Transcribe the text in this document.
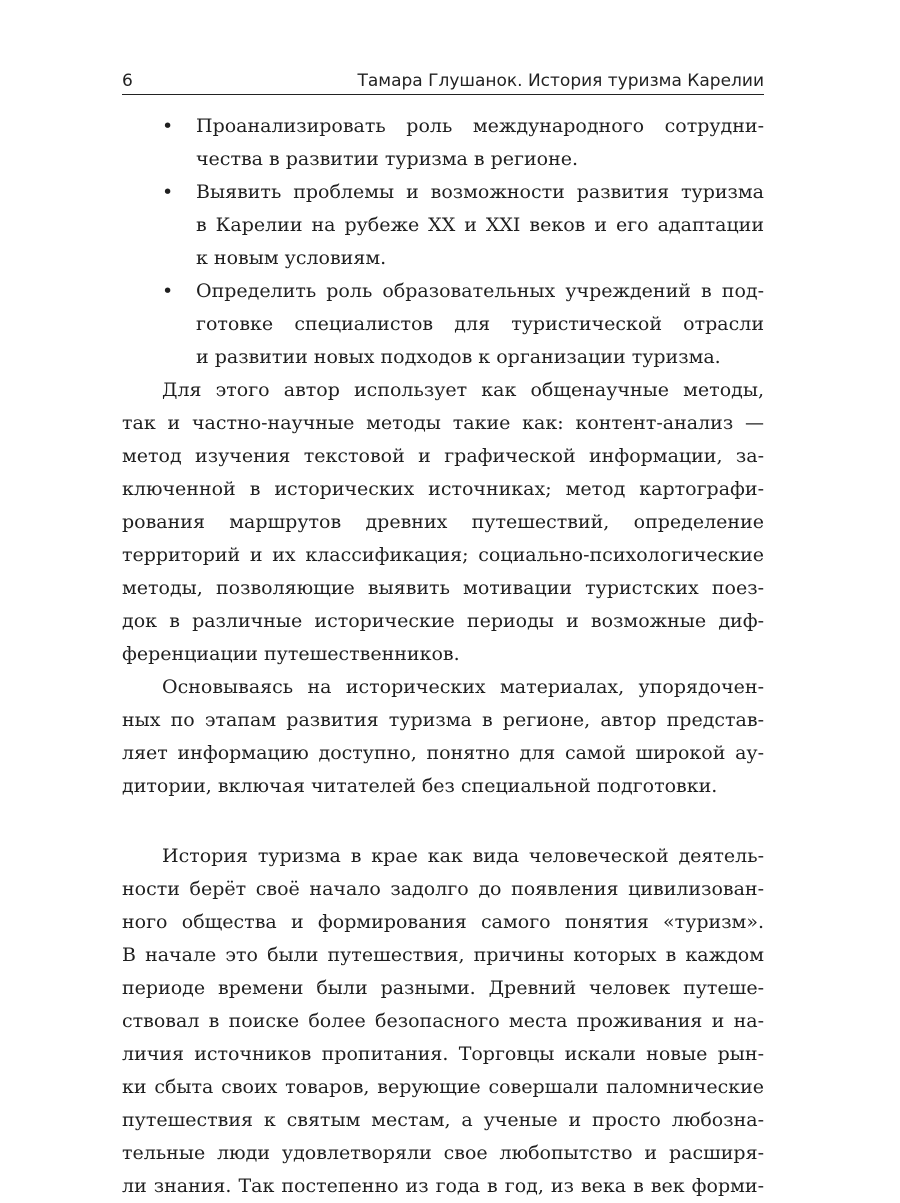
6	Тамара Глушанок. История туризма Карелии
• Проанализировать роль международного сотрудни-
чества в развитии туризма в регионе.
• Выявить проблемы и возможности развития туризма
в Карелии на рубеже XX и XXI веков и его адаптации
к новым условиям.
• Определить роль образовательных учреждений в под-
готовке специалистов для туристической отрасли
и развитии новых подходов к организации туризма.
Для этого автор использует как общенаучные методы,
так и частно-научные методы такие как: контент-анализ —
метод изучения текстовой и графической информации, за-
ключенной в исторических источниках; метод картографи-
рования маршрутов древних путешествий, определение
территорий и их классификация; социально-психологические
методы, позволяющие выявить мотивации туристских поез-
док в различные исторические периоды и возможные диф-
ференциации путешественников.
Основываясь на исторических материалах, упорядочен-
ных по этапам развития туризма в регионе, автор представ-
ляет информацию доступно, понятно для самой широкой ау-
дитории, включая читателей без специальной подготовки.
История туризма в крае как вида человеческой деятель-
ности берёт своё начало задолго до появления цивилизован-
ного общества и формирования самого понятия «туризм».
В начале это были путешествия, причины которых в каждом
периоде времени были разными. Древний человек путеше-
ствовал в поиске более безопасного места проживания и на-
личия источников пропитания. Торговцы искали новые рын-
ки сбыта своих товаров, верующие совершали паломнические
путешествия к святым местам, а ученые и просто любозна-
тельные люди удовлетворяли свое любопытство и расширя-
ли знания. Так постепенно из года в год, из века в век форми-
